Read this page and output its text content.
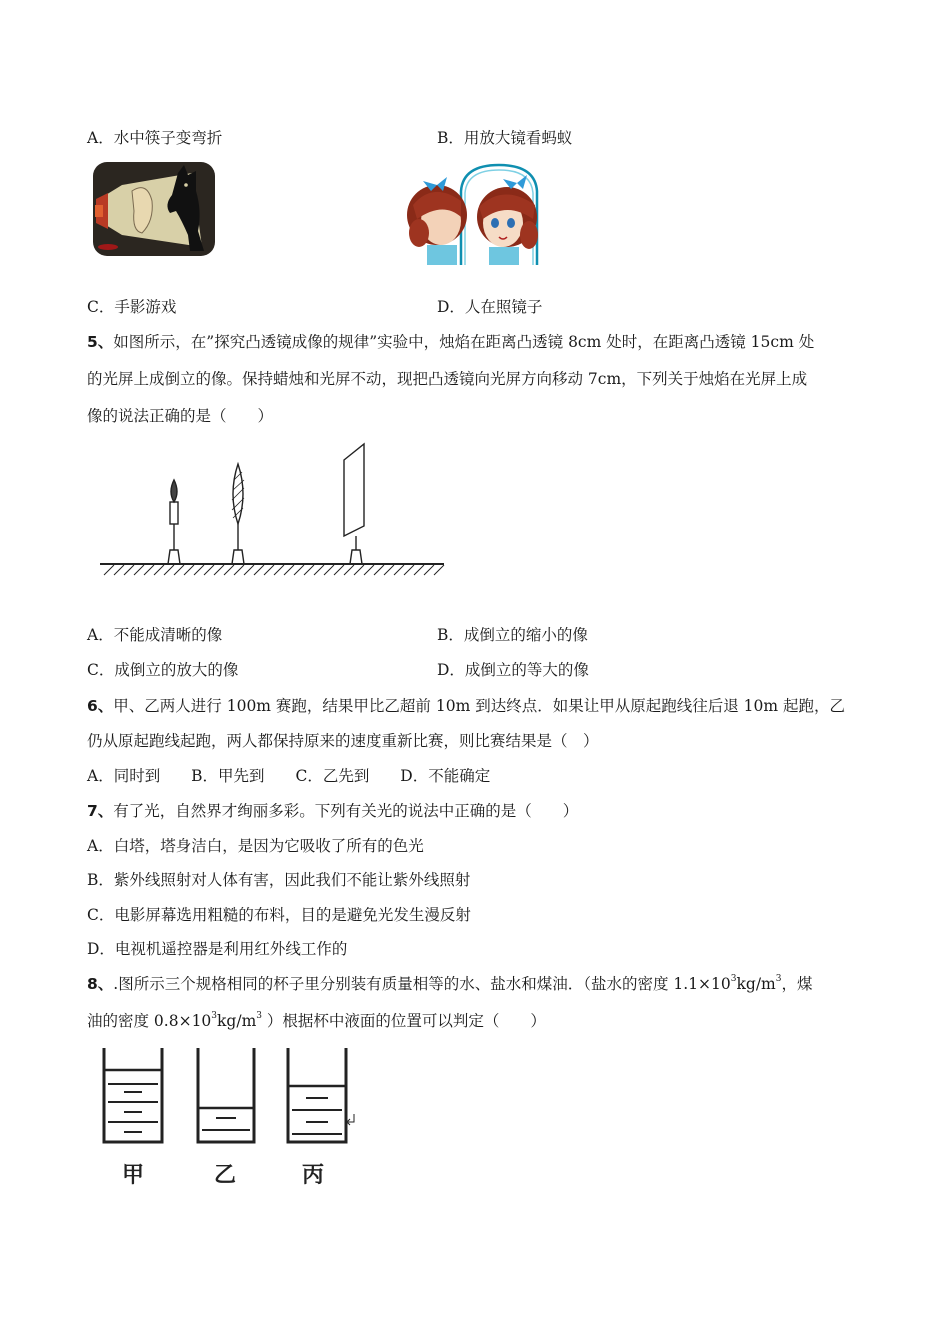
A．水中筷子变弯折	B．用放大镜看蚂蚁
C．手影游戏	D．人在照镜子
5、如图所示，在”探究凸透镜成像的规律”实验中，烛焰在距离凸透镜 8cm 处时，在距离凸透镜 15cm 处
的光屏上成倒立的像。保持蜡烛和光屏不动，现把凸透镜向光屏方向移动 7cm，下列关于烛焰在光屏上成
像的说法正确的是（　　）
A．不能成清晰的像	B．成倒立的缩小的像
C．成倒立的放大的像	D．成倒立的等大的像
6、甲、乙两人进行 100m 赛跑，结果甲比乙超前 10m 到达终点．如果让甲从原起跑线往后退 10m 起跑，乙
仍从原起跑线起跑，两人都保持原来的速度重新比赛，则比赛结果是（　）
A．同时到 B．甲先到 C．乙先到 D．不能确定
7、有了光，自然界才绚丽多彩。下列有关光的说法中正确的是（　　）
A．白塔，塔身洁白，是因为它吸收了所有的色光
B．紫外线照射对人体有害，因此我们不能让紫外线照射
C．电影屏幕选用粗糙的布料，目的是避免光发生漫反射
D．电视机遥控器是利用红外线工作的
8、.图所示三个规格相同的杯子里分别装有质量相等的水、盐水和煤油．（盐水的密度 $1.1\times 10^3kg/m^3$，煤
油的密度 $0.8\times 10^3kg/m^3$ ）根据杯中液面的位置可以判定（　　）
甲	乙	丙
